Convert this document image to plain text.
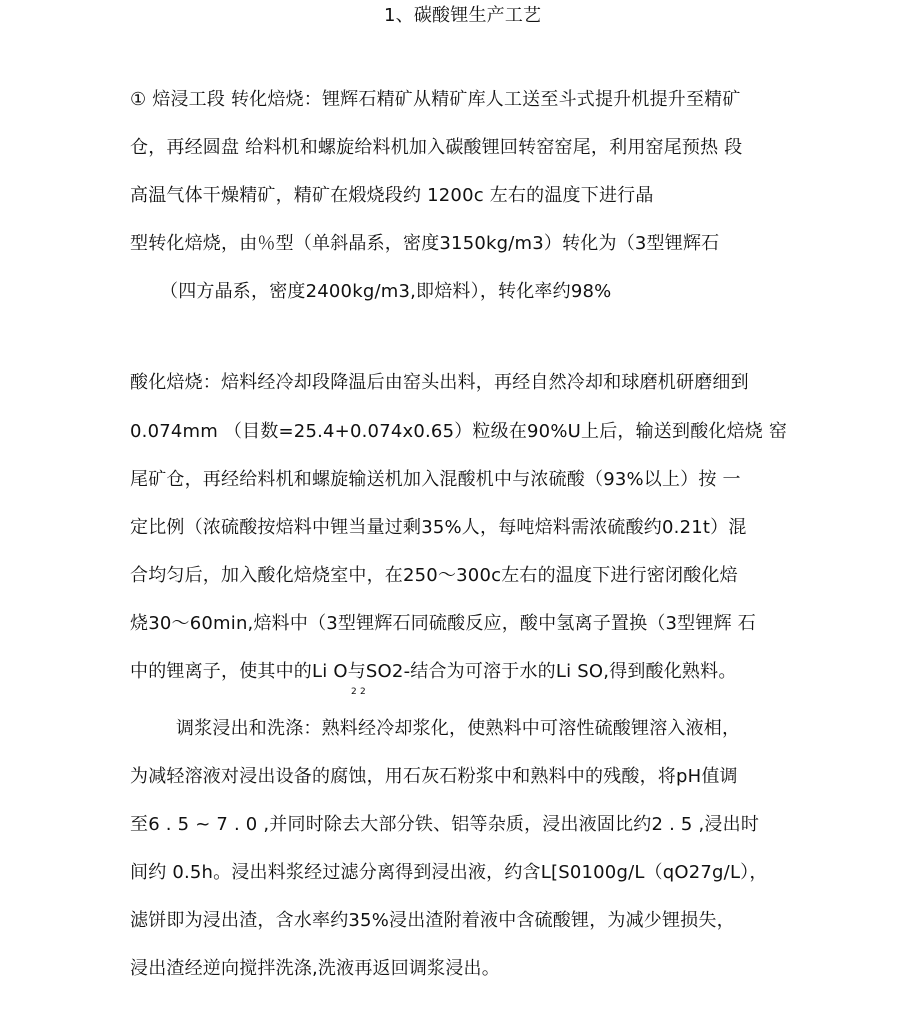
1、碳酸锂生产工艺
① 焙浸工段 转化焙烧：锂辉石精矿从精矿库人工送至斗式提升机提升至精矿
仓，再经圆盘 给料机和螺旋给料机加入碳酸锂回转窑窑尾，利用窑尾预热 段
高温气体干燥精矿，精矿在煅烧段约 1200c 左右的温度下进行晶
型转化焙烧，由％型（单斜晶系，密度3150kg/m3）转化为（3型锂辉石
（四方晶系，密度2400kg/m3,即焙料），转化率约98%
酸化焙烧：焙料经冷却段降温后由窑头出料，再经自然冷却和球磨机研磨细到
0.074mm （目数=25.4+0.074x0.65）粒级在90%U上后，输送到酸化焙烧 窑
尾矿仓，再经给料机和螺旋输送机加入混酸机中与浓硫酸（93%以上）按 一
定比例（浓硫酸按焙料中锂当量过剩35%人，每吨焙料需浓硫酸约0.21t）混
合均匀后，加入酸化焙烧室中，在250～300c左右的温度下进行密闭酸化焙
烧30～60min,焙料中（3型锂辉石同硫酸反应，酸中氢离子置换（3型锂辉 石
中的锂离子，使其中的Li O与SO2-结合为可溶于水的Li SO,得到酸化熟料。
2 2
调浆浸出和洗涤：熟料经冷却浆化，使熟料中可溶性硫酸锂溶入液相，
为减轻溶液对浸出设备的腐蚀，用石灰石粉浆中和熟料中的残酸，将pH值调
至6 . 5 ~ 7 . 0 ,并同时除去大部分铁、铝等杂质，浸出液固比约2 . 5 ,浸出时
间约 0.5h。浸出料浆经过滤分离得到浸出液，约含L[S0100g/L（qO27g/L），
滤饼即为浸出渣，含水率约35%浸出渣附着液中含硫酸锂，为减少锂损失，
浸出渣经逆向搅拌洗涤,洗液再返回调浆浸出。
